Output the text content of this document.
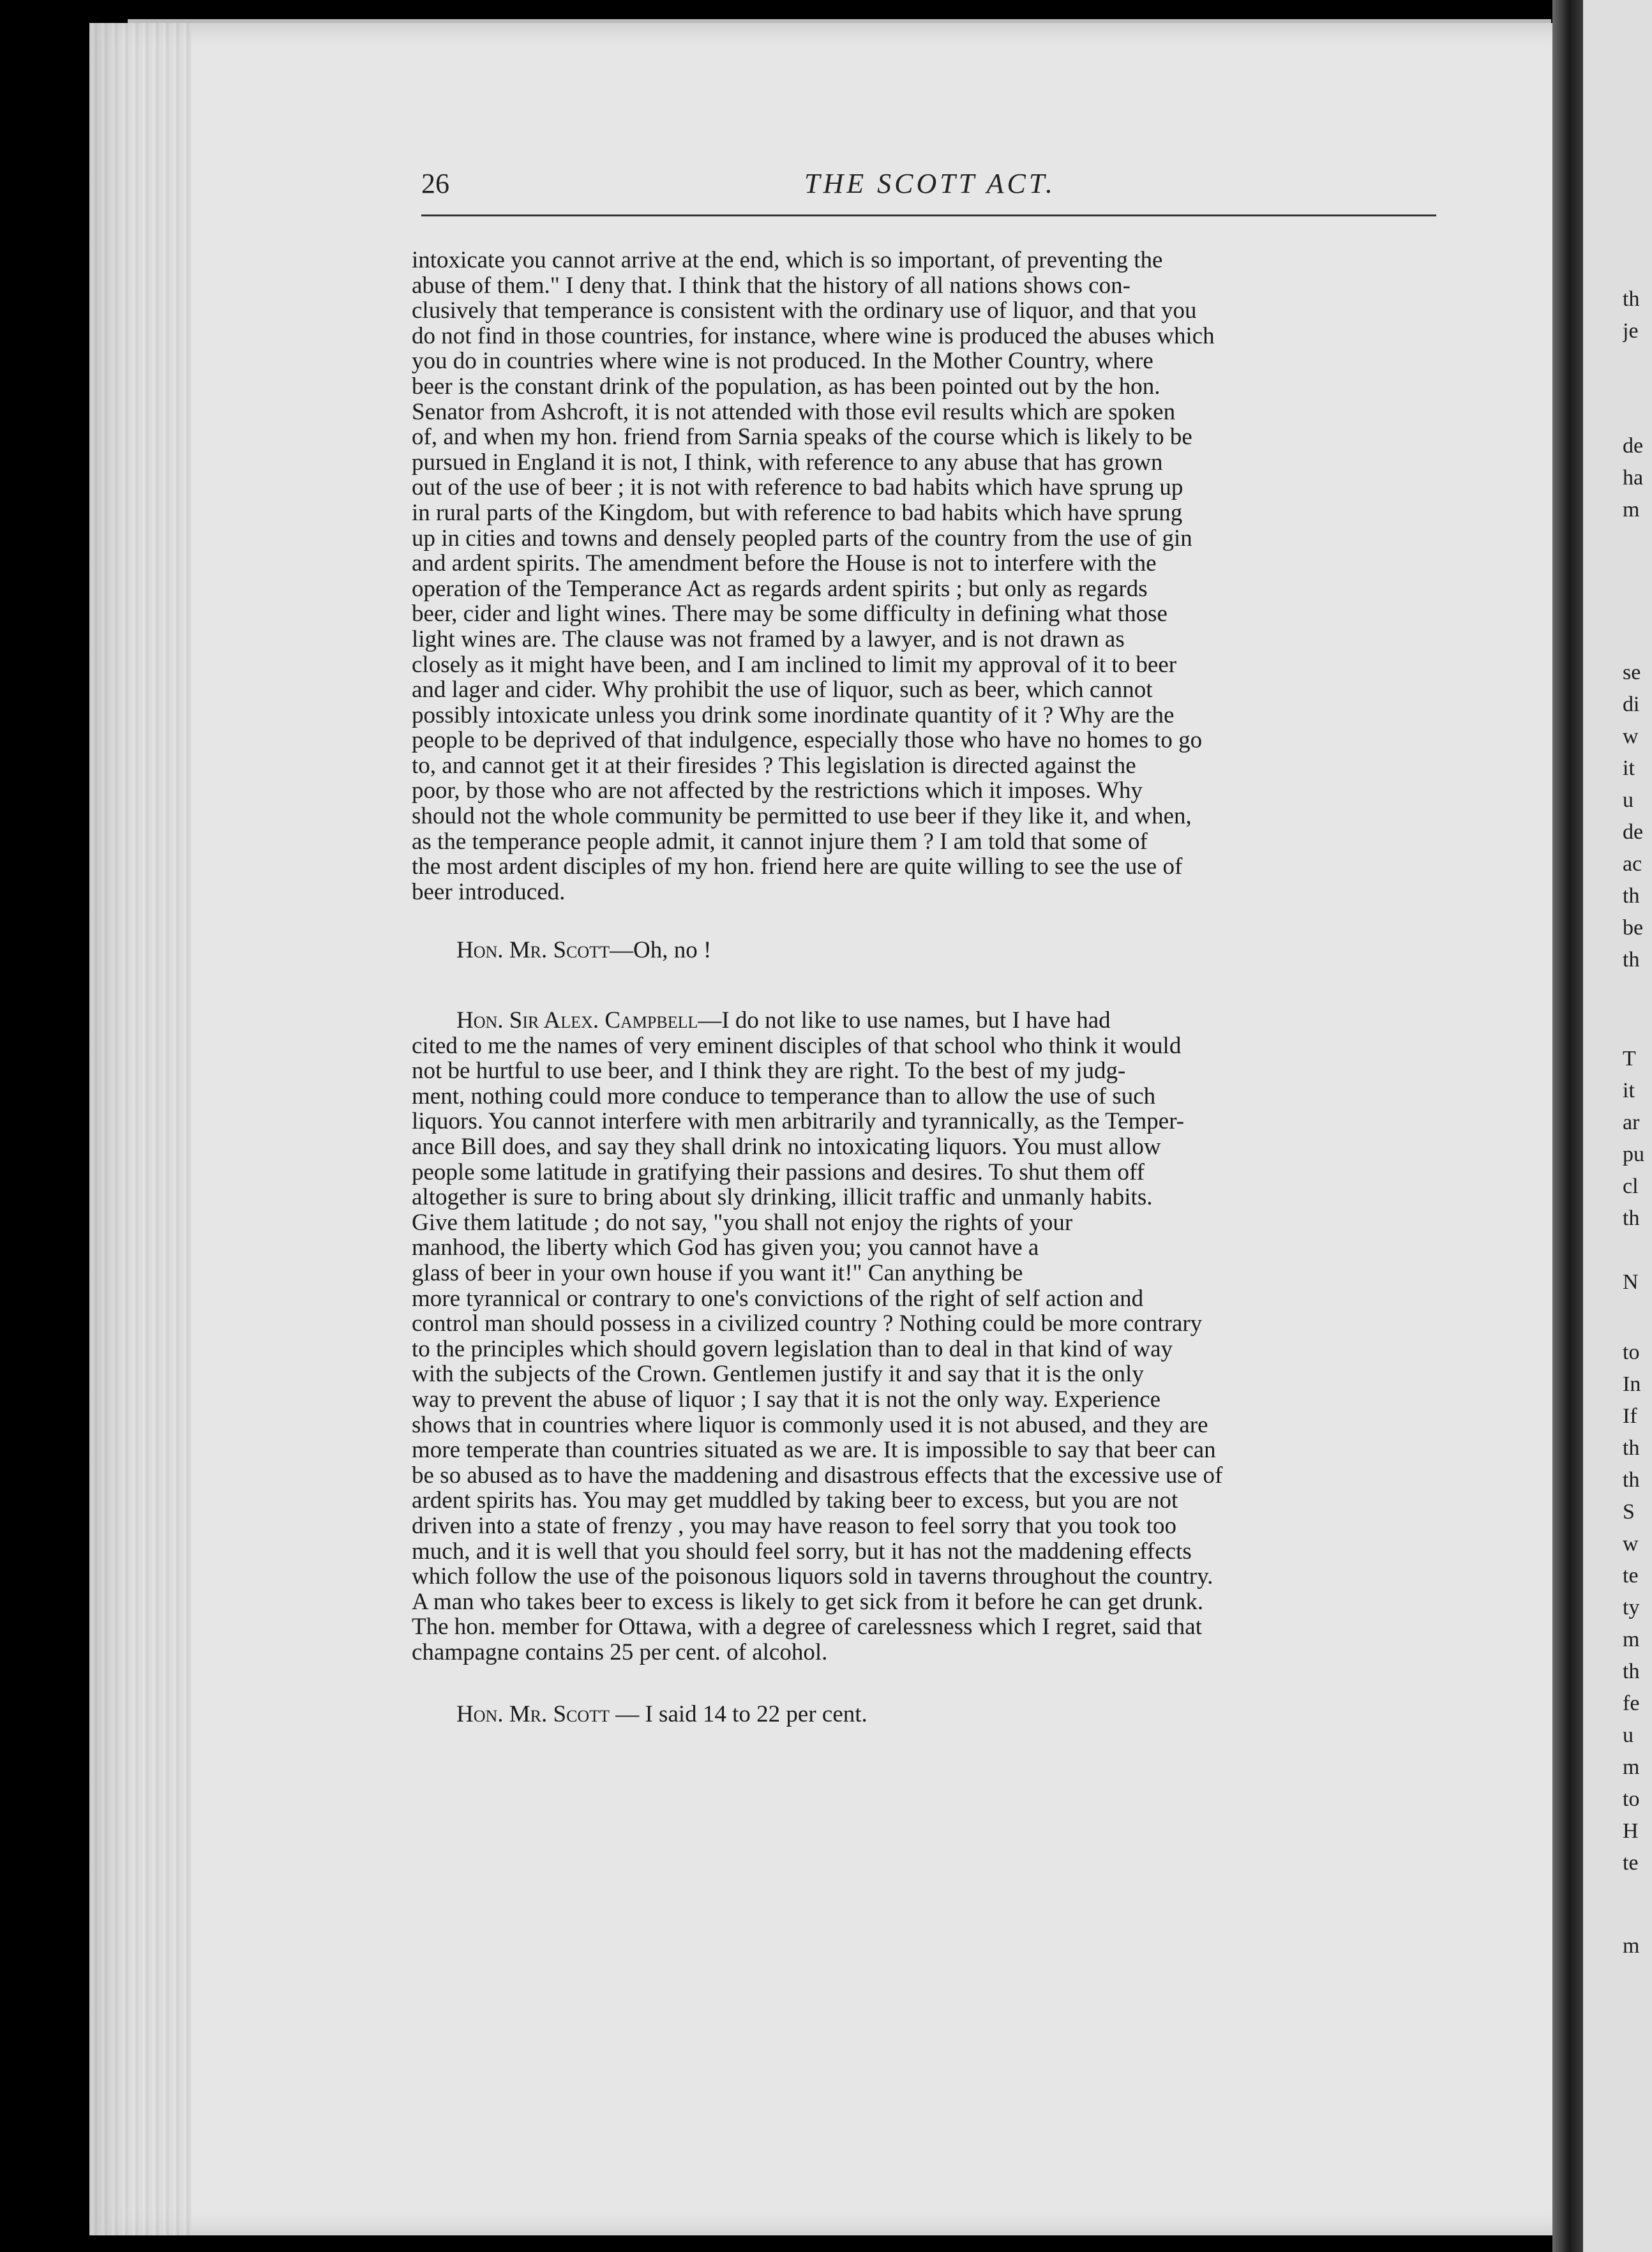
26	THE SCOTT ACT.

intoxicate you cannot arrive at the end, which is so important, of preventing the
abuse of them." I deny that. I think that the history of all nations shows con-
clusively that temperance is consistent with the ordinary use of liquor, and that you
do not find in those countries, for instance, where wine is produced the abuses which
you do in countries where wine is not produced. In the Mother Country, where
beer is the constant drink of the population, as has been pointed out by the hon.
Senator from Ashcroft, it is not attended with those evil results which are spoken
of, and when my hon. friend from Sarnia speaks of the course which is likely to be
pursued in England it is not, I think, with reference to any abuse that has grown
out of the use of beer ; it is not with reference to bad habits which have sprung up
in rural parts of the Kingdom, but with reference to bad habits which have sprung
up in cities and towns and densely peopled parts of the country from the use of gin
and ardent spirits. The amendment before the House is not to interfere with the
operation of the Temperance Act as regards ardent spirits ; but only as regards
beer, cider and light wines. There may be some difficulty in defining what those
light wines are. The clause was not framed by a lawyer, and is not drawn as
closely as it might have been, and I am inclined to limit my approval of it to beer
and lager and cider. Why prohibit the use of liquor, such as beer, which cannot
possibly intoxicate unless you drink some inordinate quantity of it ? Why are the
people to be deprived of that indulgence, especially those who have no homes to go
to, and cannot get it at their firesides ? This legislation is directed against the
poor, by those who are not affected by the restrictions which it imposes. Why
should not the whole community be permitted to use beer if they like it, and when,
as the temperance people admit, it cannot injure them ? I am told that some of
the most ardent disciples of my hon. friend here are quite willing to see the use of
beer introduced.

Hon. Mr. Scott—Oh, no !

Hon. Sir Alex. Campbell—I do not like to use names, but I have had
cited to me the names of very eminent disciples of that school who think it would
not be hurtful to use beer, and I think they are right. To the best of my judg-
ment, nothing could more conduce to temperance than to allow the use of such
liquors. You cannot interfere with men arbitrarily and tyrannically, as the Temper-
ance Bill does, and say they shall drink no intoxicating liquors. You must allow
people some latitude in gratifying their passions and desires. To shut them off
altogether is sure to bring about sly drinking, illicit traffic and unmanly habits.
Give them latitude ; do not say, "you shall not enjoy the rights of your
manhood, the liberty which God has given you; you cannot have a
glass of beer in your own house if you want it!" Can anything be
more tyrannical or contrary to one's convictions of the right of self action and
control man should possess in a civilized country ? Nothing could be more contrary
to the principles which should govern legislation than to deal in that kind of way
with the subjects of the Crown. Gentlemen justify it and say that it is the only
way to prevent the abuse of liquor ; I say that it is not the only way. Experience
shows that in countries where liquor is commonly used it is not abused, and they are
more temperate than countries situated as we are. It is impossible to say that beer can
be so abused as to have the maddening and disastrous effects that the excessive use of
ardent spirits has. You may get muddled by taking beer to excess, but you are not
driven into a state of frenzy , you may have reason to feel sorry that you took too
much, and it is well that you should feel sorry, but it has not the maddening effects
which follow the use of the poisonous liquors sold in taverns throughout the country.
A man who takes beer to excess is likely to get sick from it before he can get drunk.
The hon. member for Ottawa, with a degree of carelessness which I regret, said that
champagne contains 25 per cent. of alcohol.

Hon. Mr. Scott — I said 14 to 22 per cent.

th
je
de
ha
m
se
di
w
it
u
de
ac
th
be
th
T
it
ar
pu
cl
th
N
to
In
If
th
th
S
w
te
ty
m
th
fe
u
m
to
H
te
m
